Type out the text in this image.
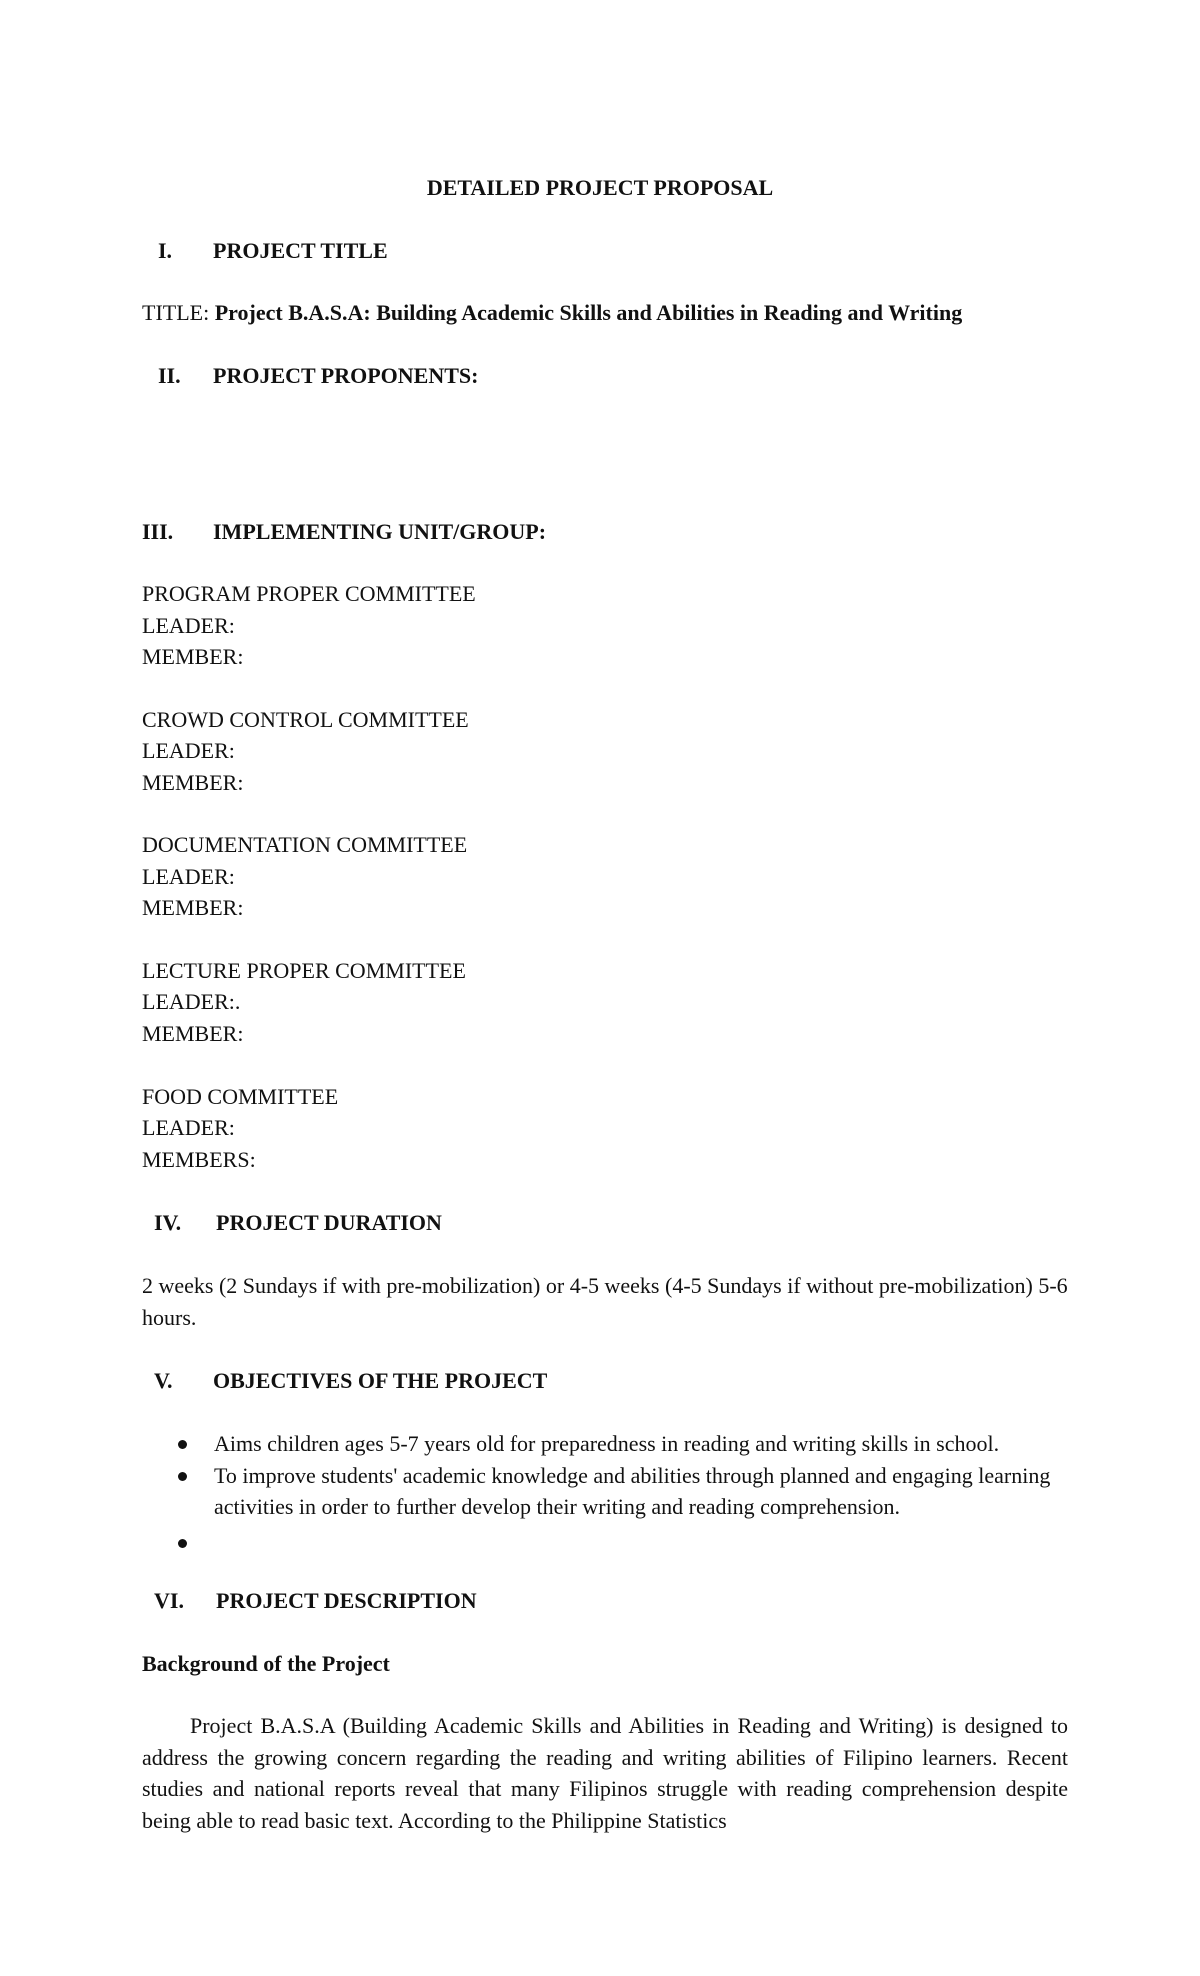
DETAILED PROJECT PROPOSAL
I. PROJECT TITLE
TITLE: Project B.A.S.A: Building Academic Skills and Abilities in Reading and Writing
II. PROJECT PROPONENTS:
III. IMPLEMENTING UNIT/GROUP:
PROGRAM PROPER COMMITTEE
LEADER:
MEMBER:
CROWD CONTROL COMMITTEE
LEADER:
MEMBER:
DOCUMENTATION COMMITTEE
LEADER:
MEMBER:
LECTURE PROPER COMMITTEE
LEADER:.
MEMBER:
FOOD COMMITTEE
LEADER:
MEMBERS:
IV. PROJECT DURATION
2 weeks (2 Sundays if with pre-mobilization) or 4-5 weeks (4-5 Sundays if without pre-mobilization) 5-6 hours.
V. OBJECTIVES OF THE PROJECT
Aims children ages 5-7 years old for preparedness in reading and writing skills in school.
To improve students' academic knowledge and abilities through planned and engaging learning activities in order to further develop their writing and reading comprehension.
VI. PROJECT DESCRIPTION
Background of the Project
Project B.A.S.A (Building Academic Skills and Abilities in Reading and Writing) is designed to address the growing concern regarding the reading and writing abilities of Filipino learners. Recent studies and national reports reveal that many Filipinos struggle with reading comprehension despite being able to read basic text. According to the Philippine Statistics
